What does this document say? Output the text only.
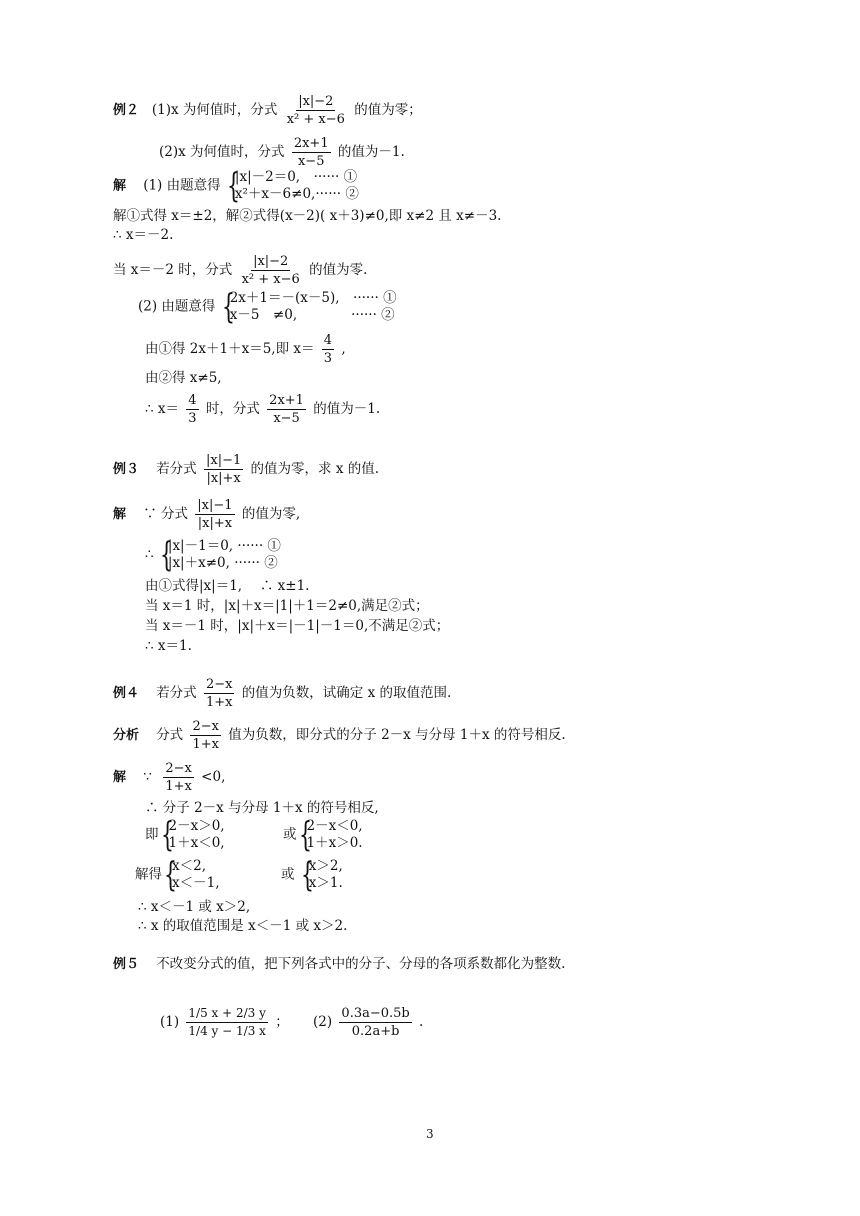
例２ (1)x 为何值时，分式 $\frac{|x|-2}{\text{x² + x−6}}$ 的值为零；
(2)x 为何值时，分式 $\frac{2x+1}{x-5}$ 的值为－1.
解 (1) 由题意得 {
|x|－2＝0,　······ ①
x²＋x－6≠0,······ ②
解①式得 x＝±2，解②式得(x－2)( x＋3)≠0,即 x≠2 且 x≠－3.
∴ x＝－2.
当 x＝－2 时，分式 $\frac{|x|-2}{\text{x² + x−6}}$ 的值为零.
(2) 由题意得 {
2x＋1＝－(x－5),　······ ①
x－5　≠0,　　　　······ ②
由①得 2x＋1＋x＝5,即 $x= \frac{4}{3}$ ,
由②得 x≠5,
∴ $x= \frac{4}{3}$ 时，分式 $\frac{2x+1}{x-5}$ 的值为－1.
例３ 若分式 $\frac{|x|-1}{|x|+x}$ 的值为零，求 x 的值.
解 ∵ 分式 $\frac{|x|-1}{|x|+x}$ 的值为零,
∴ {
|x|－1＝0, ······ ①
|x|＋x≠0, ······ ②
由①式得|x|＝1,　 ∴ x±1.
当 x＝1 时，|x|＋x＝|1|＋1＝2≠0,满足②式；
当 x＝－1 时，|x|＋x＝|－1|－1＝0,不满足②式；
∴ x＝1.
例４ 若分式 $\frac{2-x}{1+x}$ 的值为负数，试确定 x 的取值范围.
分析 分式 $\frac{2-x}{1+x}$ 值为负数，即分式的分子 2－x 与分母 1＋x 的符号相反.
解 ∵ $\frac{2-x}{1+x} <0$,
∴ 分子 2－x 与分母 1＋x 的符号相反,
即 {
2－x＞0,
1＋x＜0,
或 {
2－x＜0,
1＋x＞0.
解得 {
x＜2,
x＜－1,
或 {
x＞2,
x＞1.
∴ x＜－1 或 x＞2,
∴ x 的取值范围是 x＜－1 或 x＞2.
例５ 不改变分式的值，把下列各式中的分子、分母的各项系数都化为整数.
$(1) \frac{1/5 x + 2/3 y}{1/4 y - 1/3 x}$ ； $(2) \frac{0.3a-0.5b}{0.2a+b}$ .
3
